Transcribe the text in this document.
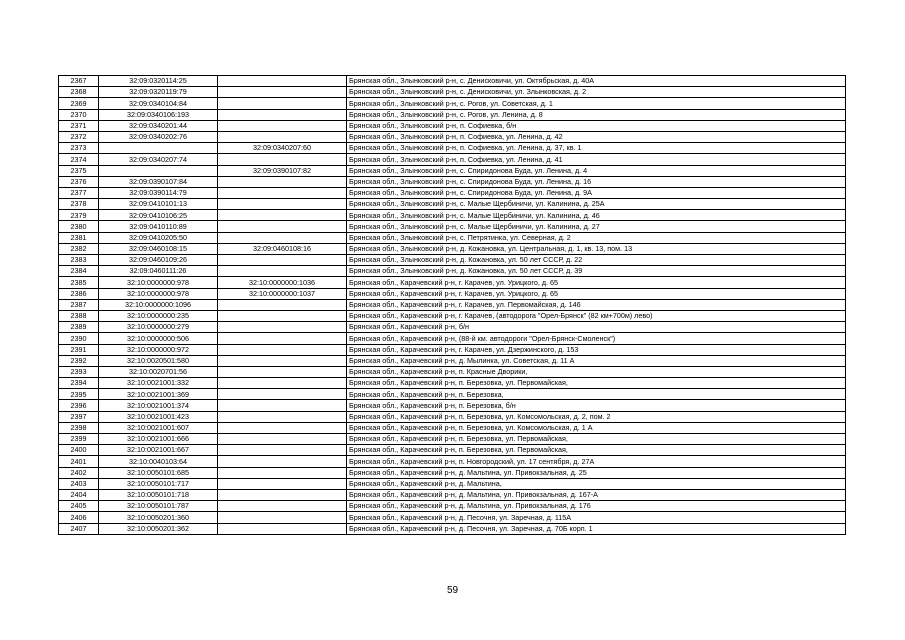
2367	32:09:0320114:25		Брянская обл., Злынковский р-н, с. Денисковичи, ул. Октябрьская, д. 40А
2368	32:09:0320119:79		Брянская обл., Злынковский р-н, с. Денисковичи, ул. Злынковская, д. 2
2369	32:09:0340104:84		Брянская обл., Злынковский р-н, с. Рогов, ул. Советская, д. 1
2370	32:09:0340106:193		Брянская обл., Злынковский р-н, с. Рогов, ул. Ленина, д. 8
2371	32:09:0340201:44		Брянская обл., Злынковский р-н, п. Софиевка, б/н
2372	32:09:0340202:76		Брянская обл., Злынковский р-н, п. Софиевка, ул. Ленина, д. 42
2373		32:09:0340207:60	Брянская обл., Злынковский р-н, п. Софиевка, ул. Ленина, д. 37, кв. 1
2374	32:09:0340207:74		Брянская обл., Злынковский р-н, п. Софиевка, ул. Ленина, д. 41
2375		32:09:0390107:82	Брянская обл., Злынковский р-н, с. Спиридонова Буда, ул. Ленина, д. 4
2376	32:09:0390107:84		Брянская обл., Злынковский р-н, с. Спиридонова Буда, ул. Ленина, д. 16
2377	32:09:0390114:79		Брянская обл., Злынковский р-н, с. Спиридонова Буда, ул. Ленина, д. 9А
2378	32:09:0410101:13		Брянская обл., Злынковский р-н, с. Малые Щербиничи, ул. Калинина, д. 25А
2379	32:09:0410106:25		Брянская обл., Злынковский р-н, с. Малые Щербиничи, ул. Калинина, д. 46
2380	32:09:0410110:89		Брянская обл., Злынковский р-н, с. Малые Щербиничи, ул. Калинина, д. 27
2381	32:09:0410205:50		Брянская обл., Злынковский р-н, с. Петрятинка, ул. Северная, д. 2
2382	32:09:0460108:15	32:09:0460108:16	Брянская обл., Злынковский р-н, д. Кожановка, ул. Центральная, д. 1, кв. 13, пом. 13
2383	32:09:0460109:26		Брянская обл., Злынковский р-н, д. Кожановка, ул. 50 лет СССР, д. 22
2384	32:09:0460111:26		Брянская обл., Злынковский р-н, д. Кожановка, ул. 50 лет СССР, д. 39
2385	32:10:0000000:978	32:10:0000000:1036	Брянская обл., Карачевский р-н, г. Карачев, ул. Урицкого, д. 65
2386	32:10:0000000:978	32:10:0000000:1037	Брянская обл., Карачевский р-н, г. Карачев, ул. Урицкого, д. 65
2387	32:10:0000000:1096		Брянская обл., Карачевский р-н, г. Карачев, ул. Первомайская, д. 146
2388	32:10:0000000:235		Брянская обл., Карачевский р-н, г. Карачев, (автодорога "Орел-Брянск" (82 км+700м) лево)
2389	32:10:0000000:279		Брянская обл., Карачевский р-н, б/н
2390	32:10:0000000:506		Брянская обл., Карачевский р-н, (88-й км. автодороги "Орел-Брянск-Смоленск")
2391	32:10:0000000:972		Брянская обл., Карачевский р-н, г. Карачев, ул. Дзержинского, д. 153
2392	32:10:0020501:580		Брянская обл., Карачевский р-н, д. Мылинка, ул. Советская, д. 11 А
2393	32:10:0020701:56		Брянская обл., Карачевский р-н, п. Красные Дворики,
2394	32:10:0021001:332		Брянская обл., Карачевский р-н, п. Березовка, ул. Первомайская,
2395	32:10:0021001:369		Брянская обл., Карачевский р-н, п. Березовка,
2396	32:10:0021001:374		Брянская обл., Карачевский р-н, п. Березовка, б/н
2397	32:10:0021001:423		Брянская обл., Карачевский р-н, п. Березовка, ул. Комсомольская, д. 2, пом. 2
2398	32:10:0021001:607		Брянская обл., Карачевский р-н, п. Березовка, ул. Комсомольская, д. 1 А
2399	32:10:0021001:666		Брянская обл., Карачевский р-н, п. Березовка, ул. Первомайская,
2400	32:10:0021001:667		Брянская обл., Карачевский р-н, п. Березовка, ул. Первомайская,
2401	32:10:0040103:64		Брянская обл., Карачевский р-н, п. Новгородский, ул. 17 сентября, д. 27А
2402	32:10:0050101:685		Брянская обл., Карачевский р-н, д. Мальтина, ул. Привокзальная, д. 25
2403	32:10:0050101:717		Брянская обл., Карачевский р-н, д. Мальтина,
2404	32:10:0050101:718		Брянская обл., Карачевский р-н, д. Мальтина, ул. Привокзальная, д. 167-А
2405	32:10:0050101:787		Брянская обл., Карачевский р-н, д. Мальтина, ул. Привокзальная, д. 176
2406	32:10:0050201:360		Брянская обл., Карачевский р-н, д. Песочня, ул. Заречная, д. 115А
2407	32:10:0050201:362		Брянская обл., Карачевский р-н, д. Песочня, ул. Заречная, д. 70Б корп. 1
59
